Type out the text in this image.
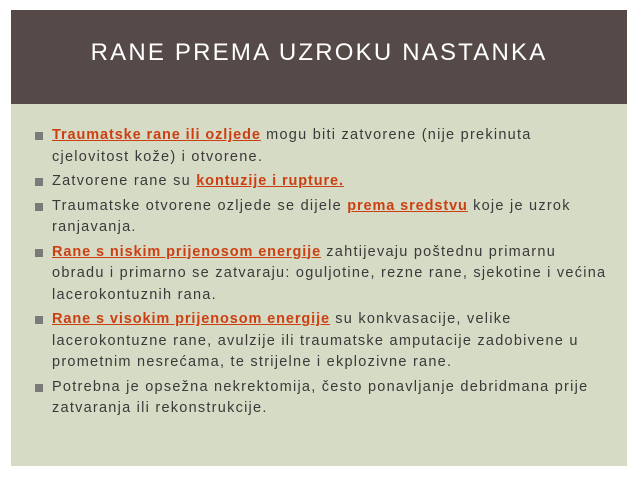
RANE PREMA UZROKU NASTANKA
Traumatske rane ili ozljede mogu biti zatvorene (nije prekinuta cjelovitost kože) i otvorene.
Zatvorene rane su kontuzije i rupture.
Traumatske otvorene ozljede se dijele prema sredstvu koje je uzrok ranjavanja.
Rane s niskim prijenosom energije zahtijevaju poštednu primarnu obradu i primarno se zatvaraju: oguljotine, rezne rane, sjekotine i većina lacerokontuznih rana.
Rane s visokim prijenosom energije su konkvasacije, velike lacerokontuzne rane, avulzije ili traumatske amputacije zadobivene u prometnim nesrećama, te strijelne i ekplozivne rane.
Potrebna je opsežna nekrektomija, često ponavljanje debridmana prije zatvaranja ili rekonstrukcije.
